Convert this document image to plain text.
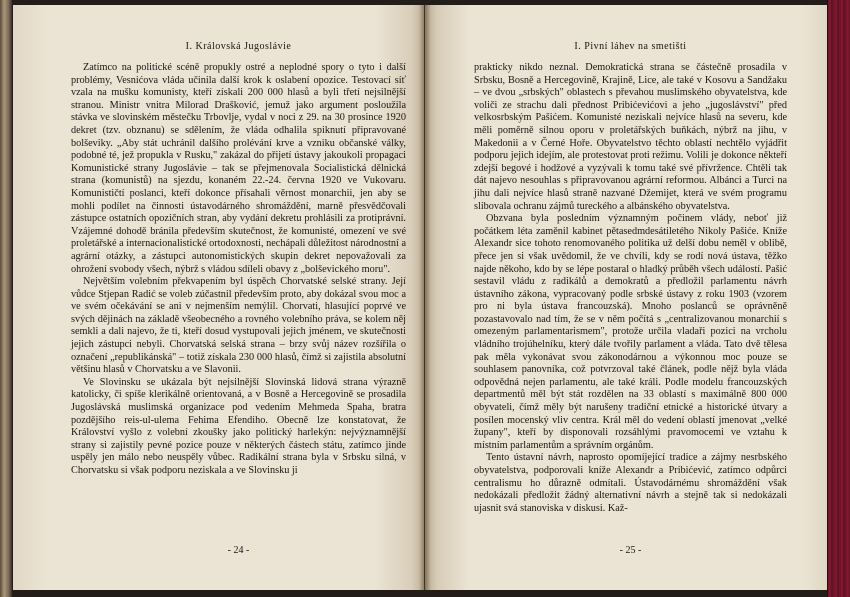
I. Královská Jugoslávie

Zatímco na politické scéně propukly ostré a neplodné spory o tyto i další problémy, Vesnićova vláda učinila další krok k oslabení opozice. Testovací síť vzala na mušku komunisty, kteří získali 200 000 hlasů a byli třetí nejsilnější stranou. Ministr vnitra Milorad Drašković, jemuž jako argument posloužila stávka ve slovinském městečku Trbovlje, vydal v noci z 29. na 30 prosince 1920 dekret (tzv. obznanu) se sdělením, že vláda odhalila spiknutí připravované bolševiky. „Aby stát uchránil dalšího prolévání krve a vzniku občanské války, podobné té, jež propukla v Rusku," zakázal do přijetí ústavy jakoukoli propagaci Komunistické strany Jugoslávie – tak se přejmenovala Socialistická dělnická strana (komunistů) na sjezdu, konaném 22.-24. června 1920 ve Vukovaru. Komunističtí poslanci, kteří dokonce přísahali věrnost monarchii, jen aby se mohli podílet na činnosti ústavodárného shromáždění, marně přesvědčovali zástupce ostatních opozičních stran, aby vydání dekretu prohlásili za protiprávní. Vzájemné dohodě bránila především skutečnost, že komunisté, omezení ve své proletářské a internacionalistické ortodoxnosti, nechápali důležitost národnostní a agrární otázky, a zástupci autonomistických skupin dekret nepovažovali za ohrožení svobody všech, nýbrž s vládou sdíleli obavy z „bolševického moru".

Největším volebním překvapením byl úspěch Chorvatské selské strany. Její vůdce Stjepan Radić se voleb zúčastnil především proto, aby dokázal svou moc a ve svém očekávání se ani v nejmenším nemýlil. Chorvati, hlasující poprvé ve svých dějinách na základě všeobecného a rovného volebního práva, se kolem něj semkli a dali najevo, že ti, kteří dosud vystupovali jejich jménem, ve skutečnosti jejich zástupci nebyli. Chorvatská selská strana – brzy svůj název rozšířila o označení „republikánská" – totiž získala 230 000 hlasů, čímž si zajistila absolutní většinu hlasů v Chorvatsku a ve Slavonii.

Ve Slovinsku se ukázala být nejsilnější Slovinská lidová strana výrazně katolicky, či spíše klerikálně orientovaná, a v Bosně a Hercegovině se prosadila Jugoslávská muslimská organizace pod vedením Mehmeda Spaha, bratra pozdějšího reis-ul-ulema Fehima Efendiho. Obecně lze konstatovat, že Království vyšlo z volební zkoušky jako politický harlekýn: nejvýznamnější strany si zajistily pevné pozice pouze v některých částech státu, zatímco jinde uspěly jen málo nebo neuspěly vůbec. Radikální strana byla v Srbsku silná, v Chorvatsku si však podporu neziskala a ve Slovinsku ji

- 24 -
I. Pivní láhev na smetišti

prakticky nikdo neznal. Demokratická strana se částečně prosadila v Srbsku, Bosně a Hercegovině, Krajině, Lice, ale také v Kosovu a Sandžaku – ve dvou „srbských" oblastech s převahou muslimského obyvatelstva, kde voliči ze strachu dali přednost Pribićevićovi a jeho „jugoslávství" před velkosrbským Pašićem. Komunisté neziskali nejvíce hlasů na severu, kde měli poměrně silnou oporu v proletářských buňkách, nýbrž na jihu, v Makedonii a v Černé Hoře. Obyvatelstvo těchto oblastí nechtělo vyjádřit podporu jejich idejím, ale protestovat proti režimu. Volili je dokonce někteří zdejší begové i hodžové a vyzývali k tomu také své přívržence. Chtěli tak dát najevo nesouhlas s připravovanou agrární reformou. Albánci a Turci na jihu dali nejvíce hlasů straně nazvané Džemijet, která ve svém programu slibovala ochranu zájmů tureckého a albánského obyvatelstva.

Obzvana byla posledním významným počinem vlády, neboť již počátkem léta zaměnil kabinet pětasedmdesátiletého Nikoly Pašiće. Kníže Alexandr sice tohoto renomovaného politika už delší dobu neměl v oblibě, přece jen si však uvědomil, že ve chvíli, kdy se rodí nová ústava, těžko najde někoho, kdo by se lépe postaral o hladký průběh všech událostí. Pašić sestavil vládu z radikálů a demokratů a předložil parlamentu návrh ústavního zákona, vypracovaný podle srbské ústavy z roku 1903 (vzorem pro ni byla ústava francouzská). Mnoho poslanců se oprávněně pozastavovalo nad tím, že se v něm počítá s „centralizovanou monarchií s omezeným parlamentarismem", protože určila vladaři pozici na vrcholu vládního trojúhelníku, který dále tvořily parlament a vláda. Tato dvě tělesa pak měla vykonávat svou zákonodárnou a výkonnou moc pouze se souhlasem panovníka, což potvrzoval také článek, podle nějž byla vláda odpovědná nejen parlamentu, ale také králi. Podle modelu francouzských departmentů měl být stát rozdělen na 33 oblastí s maximálně 800 000 obyvateli, čímž měly být narušeny tradiční etnické a historické útvary a posílen mocenský vliv centra. Král měl do vedení oblastí jmenovat „velké župany", kteří by disponovali rozsáhlými pravomocemi ve vztahu k místním parlamentům a správním orgánům.

Tento ústavní návrh, naprosto opomíjející tradice a zájmy nesrbského obyvatelstva, podporovali kníže Alexandr a Pribićević, zatímco odpůrci centralismu ho důrazně odmítali. Ústavodárnému shromáždění však nedokázali předložit žádný alternativní návrh a stejně tak si nedokázali ujasnit svá stanoviska v diskusi. Kaž-

- 25 -
